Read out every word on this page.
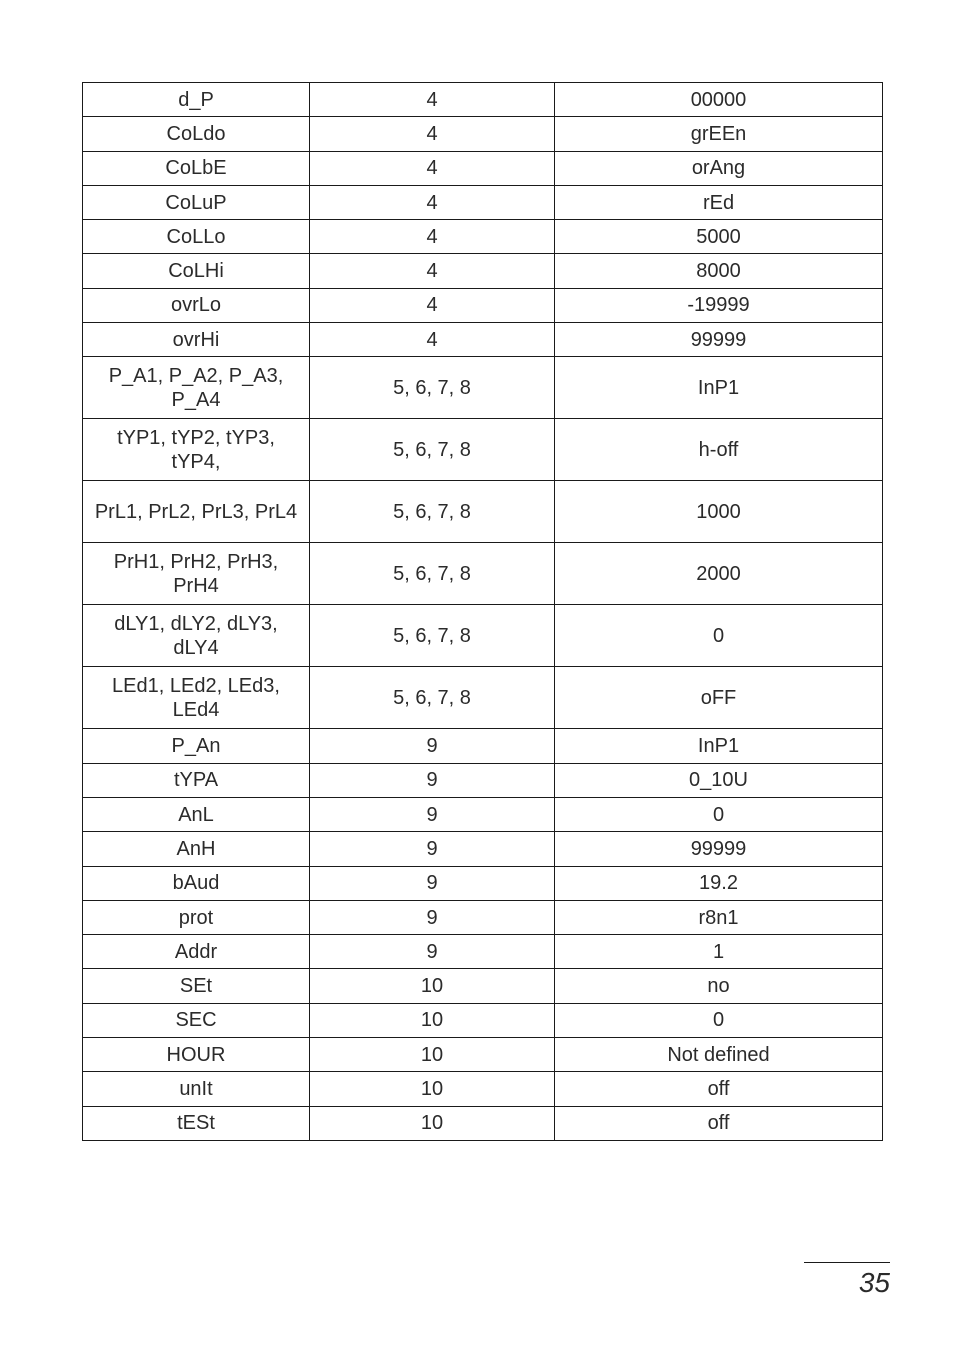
d_P	4	00000
CoLdo	4	grEEn
CoLbE	4	orAng
CoLuP	4	rEd
CoLLo	4	5000
CoLHi	4	8000
ovrLo	4	-19999
ovrHi	4	99999
P_A1, P_A2, P_A3, P_A4	5, 6, 7, 8	InP1
tYP1, tYP2, tYP3, tYP4,	5, 6, 7, 8	h-off
PrL1, PrL2, PrL3, PrL4	5, 6, 7, 8	1000
PrH1, PrH2, PrH3, PrH4	5, 6, 7, 8	2000
dLY1, dLY2, dLY3, dLY4	5, 6, 7, 8	0
LEd1, LEd2, LEd3, LEd4	5, 6, 7, 8	oFF
P_An	9	InP1
tYPA	9	0_10U
AnL	9	0
AnH	9	99999
bAud	9	19.2
prot	9	r8n1
Addr	9	1
SEt	10	no
SEC	10	0
HOUR	10	Not defined
unIt	10	off
tESt	10	off
35
